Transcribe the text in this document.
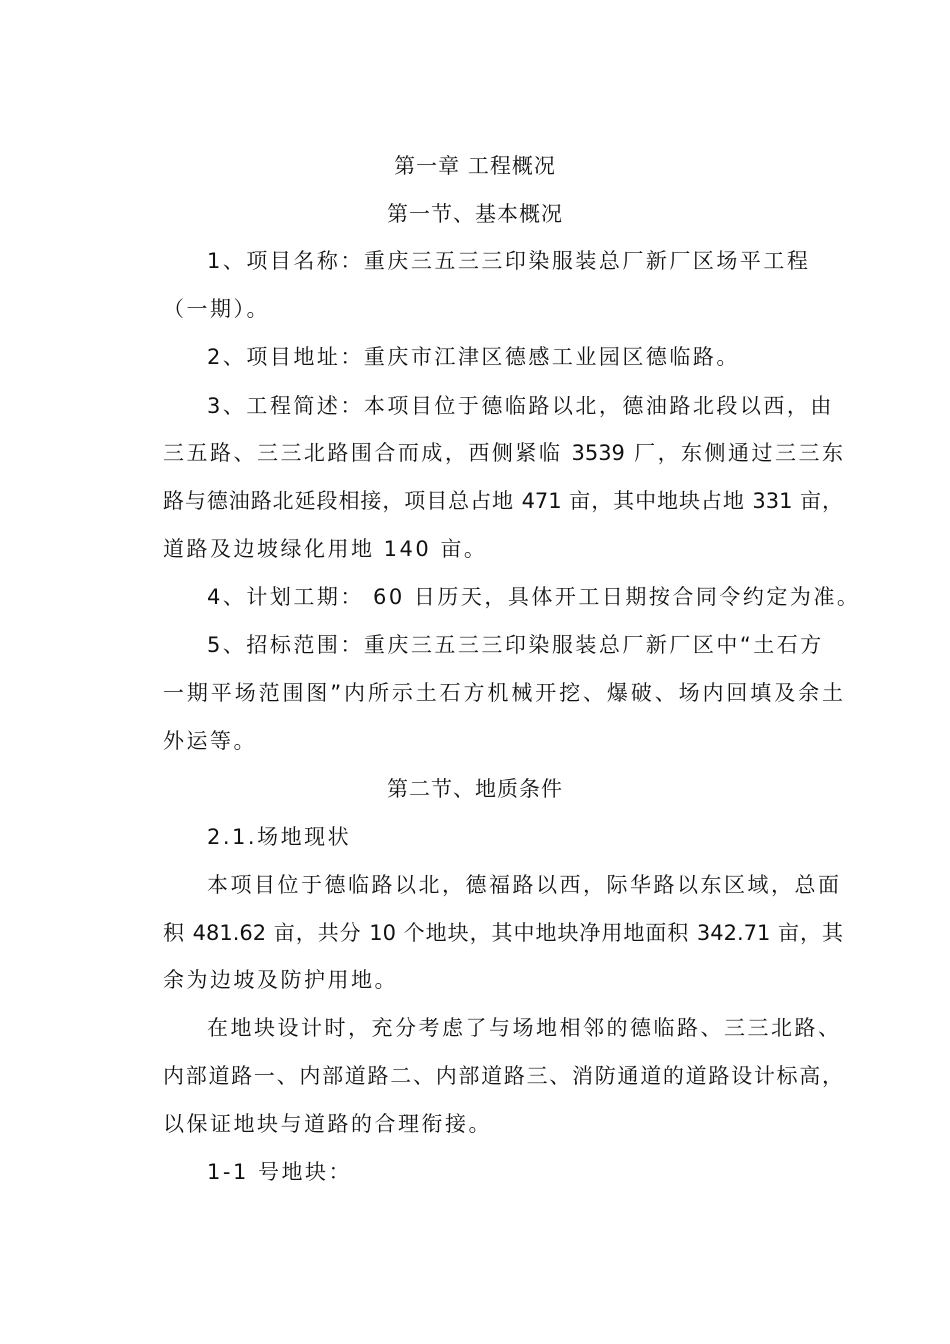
第一章 工程概况
第一节、基本概况
1、项目名称：重庆三五三三印染服装总厂新厂区场平工程
（一期）。
2、项目地址：重庆市江津区德感工业园区德临路。
3、工程简述：本项目位于德临路以北，德油路北段以西，由
三五路、三三北路围合而成，西侧紧临 3539 厂，东侧通过三三东
路与德油路北延段相接，项目总占地 471 亩，其中地块占地 331 亩，
道路及边坡绿化用地 140 亩。
4、计划工期： 60 日历天，具体开工日期按合同令约定为准。
5、招标范围：重庆三五三三印染服装总厂新厂区中“土石方
一期平场范围图”内所示土石方机械开挖、爆破、场内回填及余土
外运等。
第二节、地质条件
2.1.场地现状
本项目位于德临路以北，德福路以西，际华路以东区域，总面
积 481.62 亩，共分 10 个地块，其中地块净用地面积 342.71 亩，其
余为边坡及防护用地。
在地块设计时，充分考虑了与场地相邻的德临路、三三北路、
内部道路一、内部道路二、内部道路三、消防通道的道路设计标高，
以保证地块与道路的合理衔接。
1-1 号地块：
